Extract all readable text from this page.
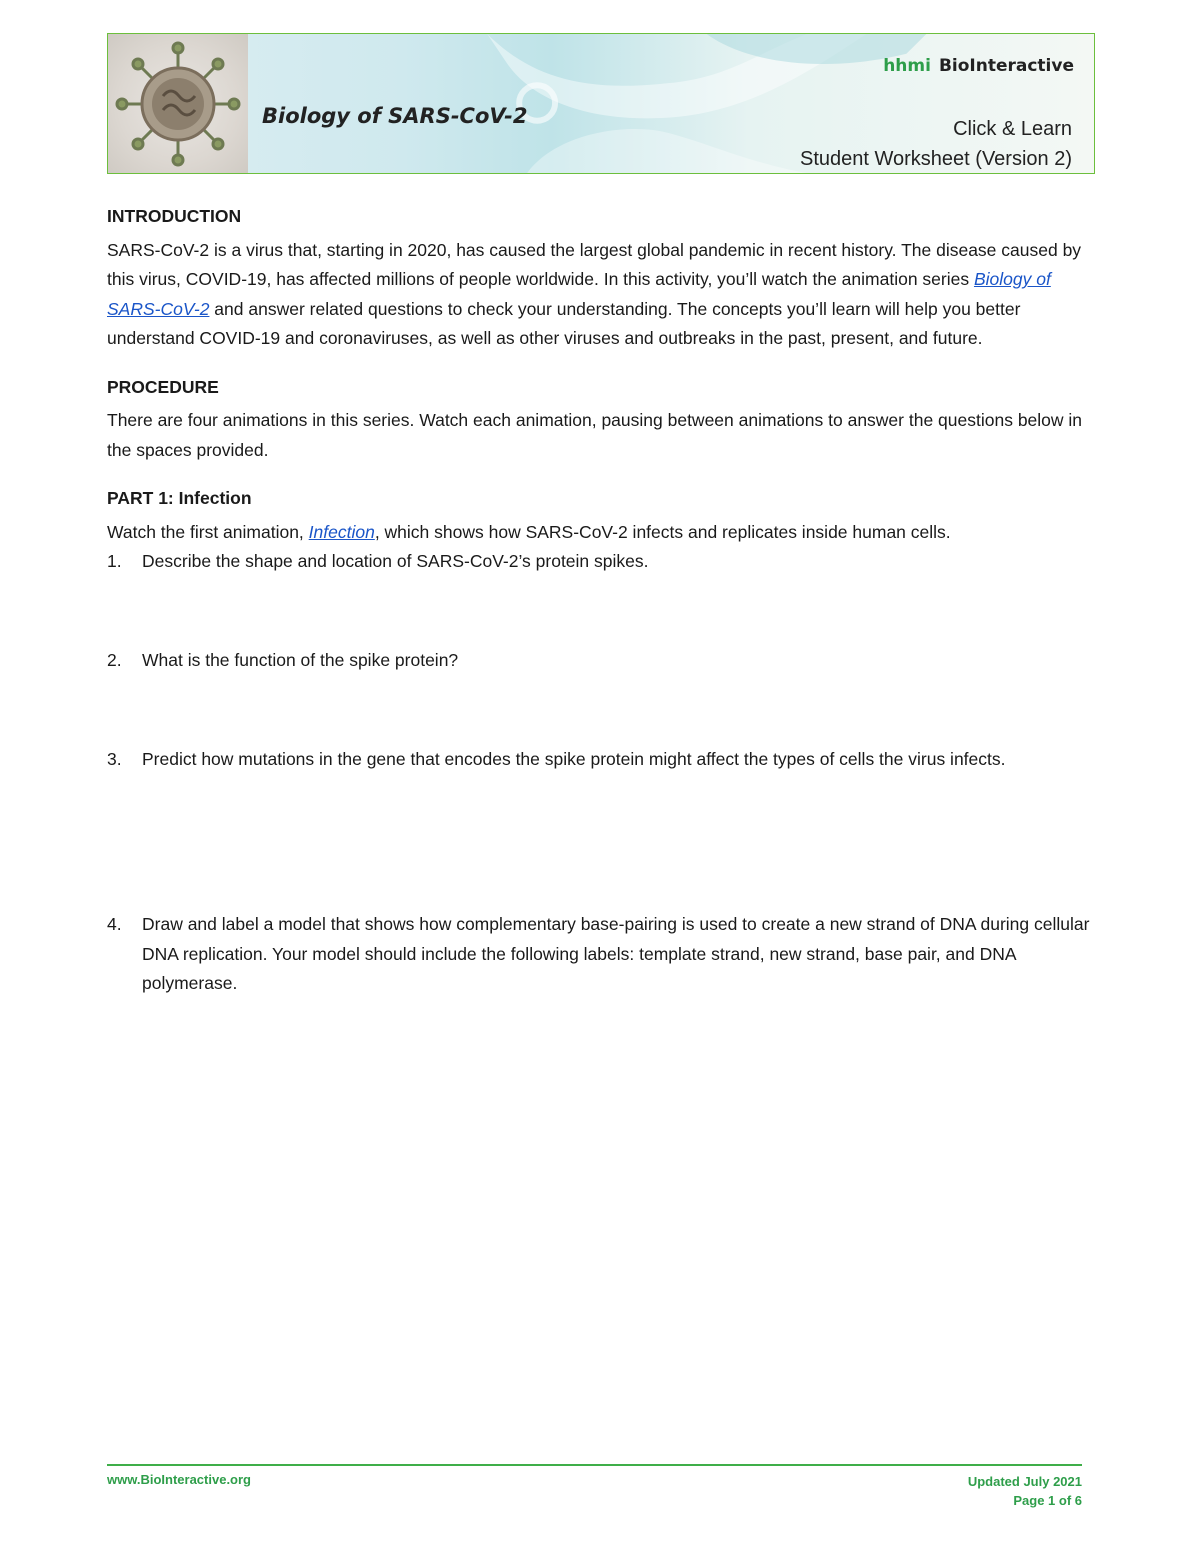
Biology of SARS-CoV-2
hhmi BioInteractive
Click & Learn
Student Worksheet (Version 2)

INTRODUCTION

SARS-CoV-2 is a virus that, starting in 2020, has caused the largest global pandemic in recent history. The disease caused by this virus, COVID-19, has affected millions of people worldwide. In this activity, you’ll watch the animation series Biology of SARS-CoV-2 and answer related questions to check your understanding. The concepts you’ll learn will help you better understand COVID-19 and coronaviruses, as well as other viruses and outbreaks in the past, present, and future.

PROCEDURE

There are four animations in this series. Watch each animation, pausing between animations to answer the questions below in the spaces provided.

PART 1: Infection

Watch the first animation, Infection, which shows how SARS-CoV-2 infects and replicates inside human cells.

1.	Describe the shape and location of SARS-CoV-2’s protein spikes.
2.	What is the function of the spike protein?
3.	Predict how mutations in the gene that encodes the spike protein might affect the types of cells the virus infects.
4.	Draw and label a model that shows how complementary base-pairing is used to create a new strand of DNA during cellular DNA replication. Your model should include the following labels: template strand, new strand, base pair, and DNA polymerase.
www.BioInteractive.org	Updated July 2021
Page 1 of 6
